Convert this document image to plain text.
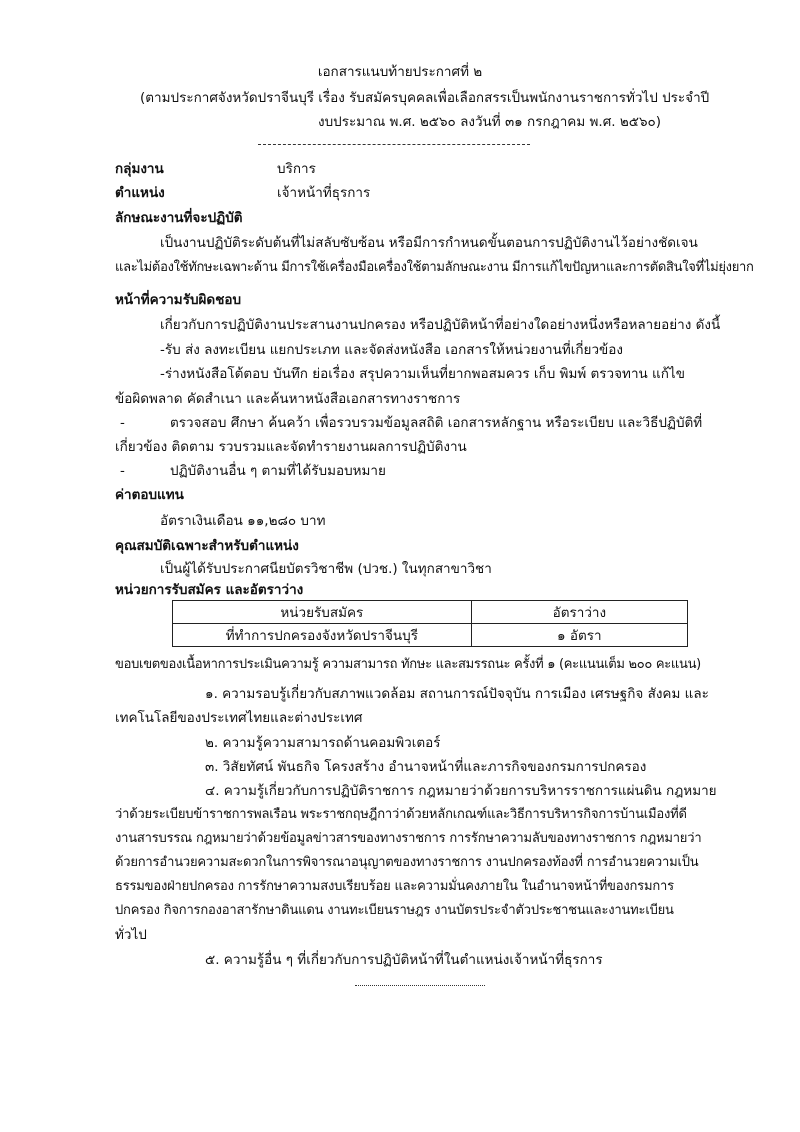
เอกสารแนบท้ายประกาศที่ ๒
(ตามประกาศจังหวัดปราจีนบุรี เรื่อง รับสมัครบุคคลเพื่อเลือกสรรเป็นพนักงานราชการทั่วไป ประจำปี
งบประมาณ พ.ศ. ๒๕๖๐ ลงวันที่ ๓๑ กรกฎาคม พ.ศ. ๒๕๖๐)
กลุ่มงาน	บริการ
ตำแหน่ง	เจ้าหน้าที่ธุรการ
ลักษณะงานที่จะปฏิบัติ
เป็นงานปฏิบัติระดับต้นที่ไม่สลับซับซ้อน หรือมีการกำหนดขั้นตอนการปฏิบัติงานไว้อย่างชัดเจน
และไม่ต้องใช้ทักษะเฉพาะด้าน มีการใช้เครื่องมือเครื่องใช้ตามลักษณะงาน มีการแก้ไขปัญหาและการตัดสินใจที่ไม่ยุ่งยาก
หน้าที่ความรับผิดชอบ
เกี่ยวกับการปฏิบัติงานประสานงานปกครอง หรือปฏิบัติหน้าที่อย่างใดอย่างหนึ่งหรือหลายอย่าง ดังนี้
-รับ ส่ง ลงทะเบียน แยกประเภท และจัดส่งหนังสือ เอกสารให้หน่วยงานที่เกี่ยวข้อง
-ร่างหนังสือโต้ตอบ บันทึก ย่อเรื่อง สรุปความเห็นที่ยากพอสมควร เก็บ พิมพ์ ตรวจทาน แก้ไข
ข้อผิดพลาด คัดสำเนา และค้นหาหนังสือเอกสารทางราชการ
-	ตรวจสอบ ศึกษา ค้นคว้า เพื่อรวบรวมข้อมูลสถิติ เอกสารหลักฐาน หรือระเบียบ และวิธีปฏิบัติที่
เกี่ยวข้อง ติดตาม รวบรวมและจัดทำรายงานผลการปฏิบัติงาน
-	ปฏิบัติงานอื่น ๆ ตามที่ได้รับมอบหมาย
ค่าตอบแทน
อัตราเงินเดือน ๑๑,๒๘๐ บาท
คุณสมบัติเฉพาะสำหรับตำแหน่ง
เป็นผู้ได้รับประกาศนียบัตรวิชาชีพ (ปวช.) ในทุกสาขาวิชา
หน่วยการรับสมัคร และอัตราว่าง
หน่วยรับสมัคร	อัตราว่าง
ที่ทำการปกครองจังหวัดปราจีนบุรี	๑ อัตรา
ขอบเขตของเนื้อหาการประเมินความรู้ ความสามารถ ทักษะ และสมรรถนะ ครั้งที่ ๑ (คะแนนเต็ม ๒๐๐ คะแนน)
๑. ความรอบรู้เกี่ยวกับสภาพแวดล้อม สถานการณ์ปัจจุบัน การเมือง เศรษฐกิจ สังคม และ
เทคโนโลยีของประเทศไทยและต่างประเทศ
๒. ความรู้ความสามารถด้านคอมพิวเตอร์
๓. วิสัยทัศน์ พันธกิจ โครงสร้าง อำนาจหน้าที่และภารกิจของกรมการปกครอง
๔. ความรู้เกี่ยวกับการปฏิบัติราชการ กฎหมายว่าด้วยการบริหารราชการแผ่นดิน กฎหมาย
ว่าด้วยระเบียบข้าราชการพลเรือน พระราชกฤษฎีกาว่าด้วยหลักเกณฑ์และวิธีการบริหารกิจการบ้านเมืองที่ดี
งานสารบรรณ กฎหมายว่าด้วยข้อมูลข่าวสารของทางราชการ การรักษาความลับของทางราชการ กฎหมายว่า
ด้วยการอำนวยความสะดวกในการพิจารณาอนุญาตของทางราชการ งานปกครองท้องที่ การอำนวยความเป็น
ธรรมของฝ่ายปกครอง การรักษาความสงบเรียบร้อย และความมั่นคงภายใน ในอำนาจหน้าที่ของกรมการ
ปกครอง กิจการกองอาสารักษาดินแดน งานทะเบียนราษฎร งานบัตรประจำตัวประชาชนและงานทะเบียน
ทั่วไป
๕. ความรู้อื่น ๆ ที่เกี่ยวกับการปฏิบัติหน้าที่ในตำแหน่งเจ้าหน้าที่ธุรการ
